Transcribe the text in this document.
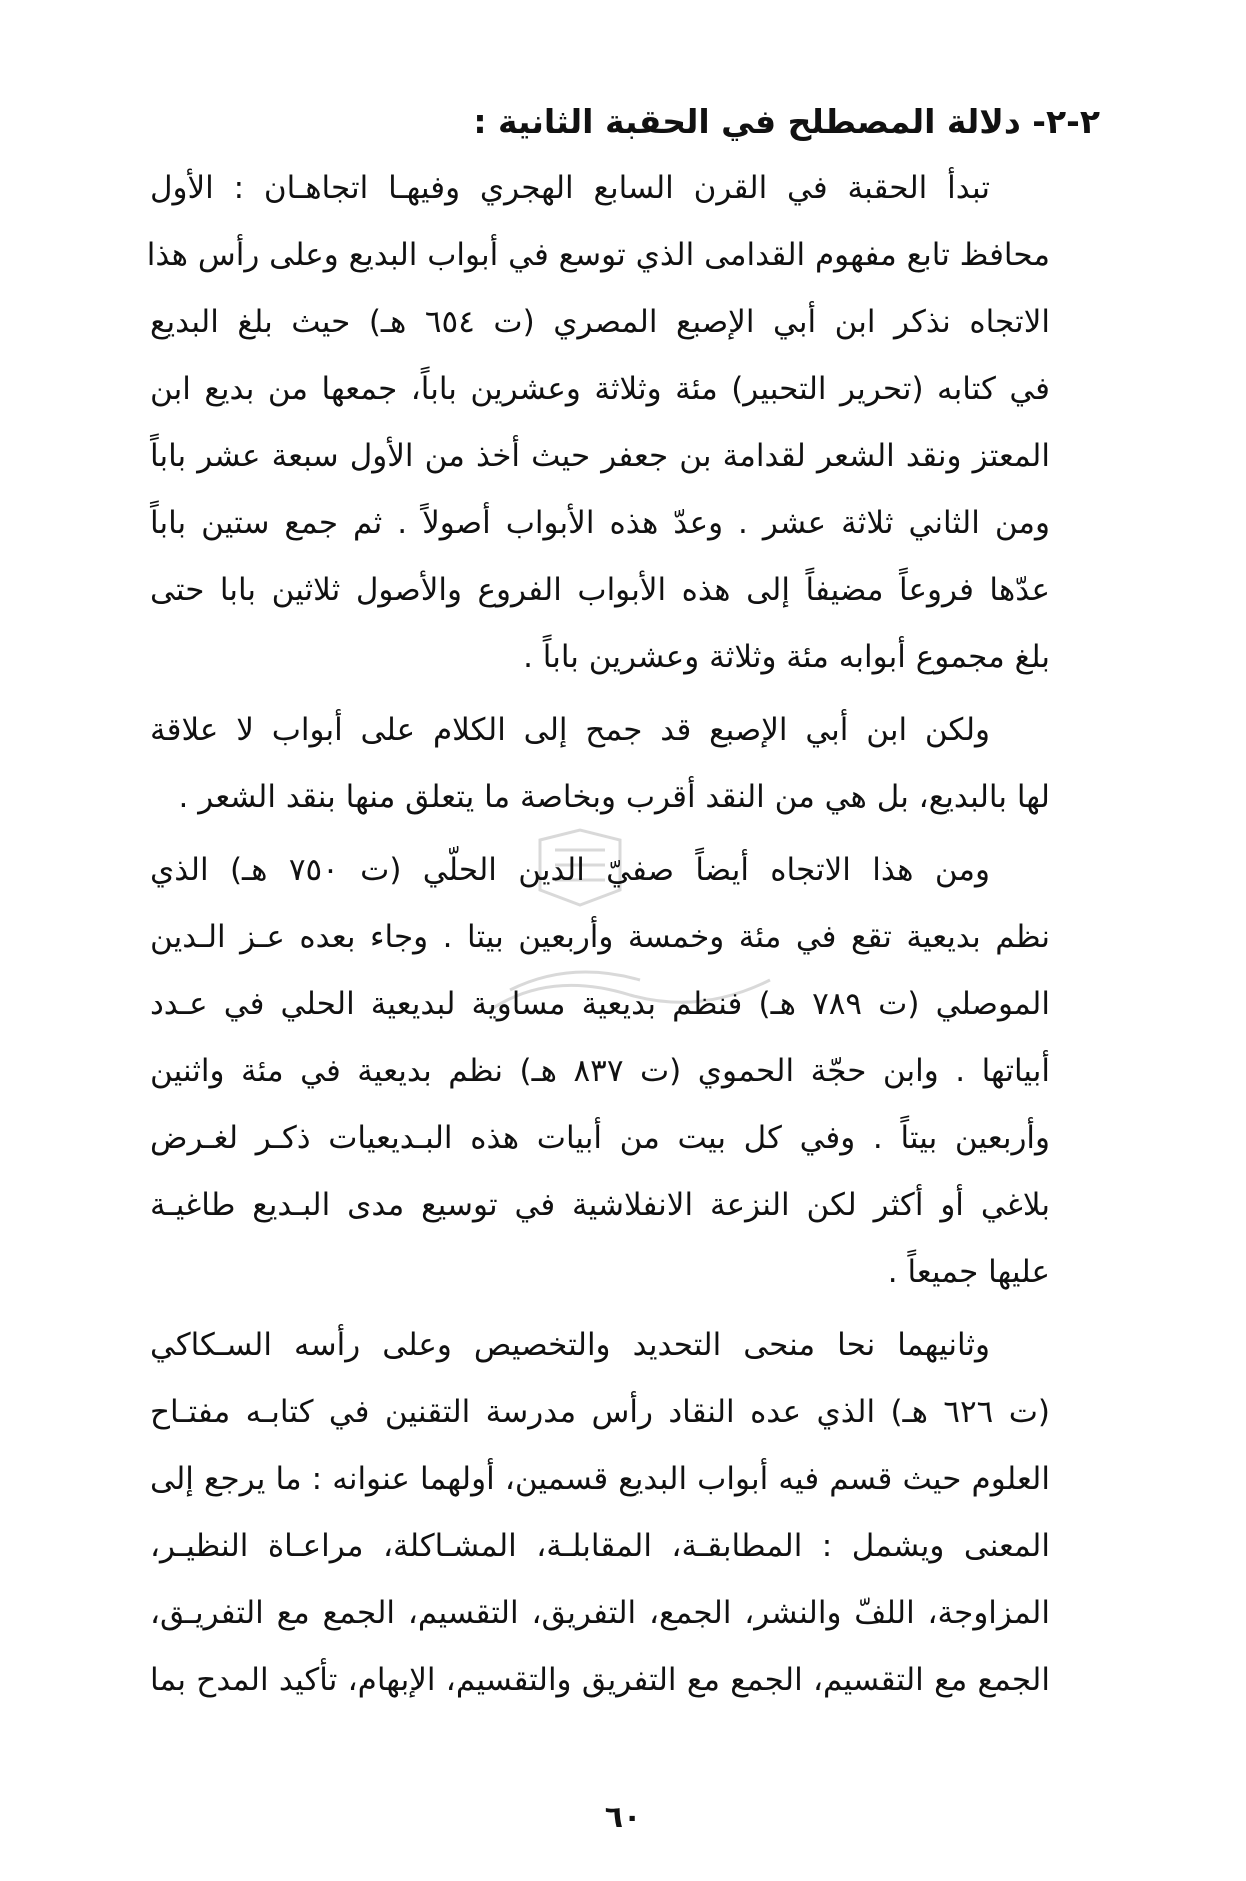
٢-٢- دلالة المصطلح في الحقبة الثانية :

تبدأ الحقبة في القرن السابع الهجري وفيهـا اتجاهـان : الأول
محافظ تابع مفهوم القدامى الذي توسع في أبواب البديع وعلى رأس هذا
الاتجاه نذكر ابن أبي الإصبع المصري (ت ٦٥٤ هـ) حيث بلغ البديع
في كتابه (تحرير التحبير) مئة وثلاثة وعشرين باباً، جمعها من بديع ابن
المعتز ونقد الشعر لقدامة بن جعفر حيث أخذ من الأول سبعة عشر باباً
ومن الثاني ثلاثة عشر . وعدّ هذه الأبواب أصولاً . ثم جمع ستين باباً
عدّها فروعاً مضيفاً إلى هذه الأبواب الفروع والأصول ثلاثين بابا حتى
بلغ مجموع أبوابه مئة وثلاثة وعشرين باباً .
ولكن ابن أبي الإصبع قد جمح إلى الكلام على أبواب لا علاقة
لها بالبديع، بل هي من النقد أقرب وبخاصة ما يتعلق منها بنقد الشعر .
ومن هذا الاتجاه أيضاً صفيّ الدين الحلّي (ت ٧٥٠ هـ) الذي
نظم بديعية تقع في مئة وخمسة وأربعين بيتا . وجاء بعده عـز الـدين
الموصلي (ت ٧٨٩ هـ) فنظم بديعية مساوية لبديعية الحلي في عـدد
أبياتها . وابن حجّة الحموي (ت ٨٣٧ هـ) نظم بديعية في مئة واثنين
وأربعين بيتاً . وفي كل بيت من أبيات هذه البـديعيات ذكـر لغـرض
بلاغي أو أكثر لكن النزعة الانفلاشية في توسيع مدى البـديع طاغيـة
عليها جميعاً .
وثانيهما نحا منحى التحديد والتخصيص وعلى رأسه السـكاكي
(ت ٦٢٦ هـ) الذي عده النقاد رأس مدرسة التقنين في كتابـه مفتـاح
العلوم حيث قسم فيه أبواب البديع قسمين، أولهما عنوانه : ما يرجع إلى
المعنى ويشمل : المطابقـة، المقابلـة، المشـاكلة، مراعـاة النظيـر،
المزاوجة، اللفّ والنشر، الجمع، التفريق، التقسيم، الجمع مع التفريـق،
الجمع مع التقسيم، الجمع مع التفريق والتقسيم، الإبهام، تأكيد المدح بما
٦٠
